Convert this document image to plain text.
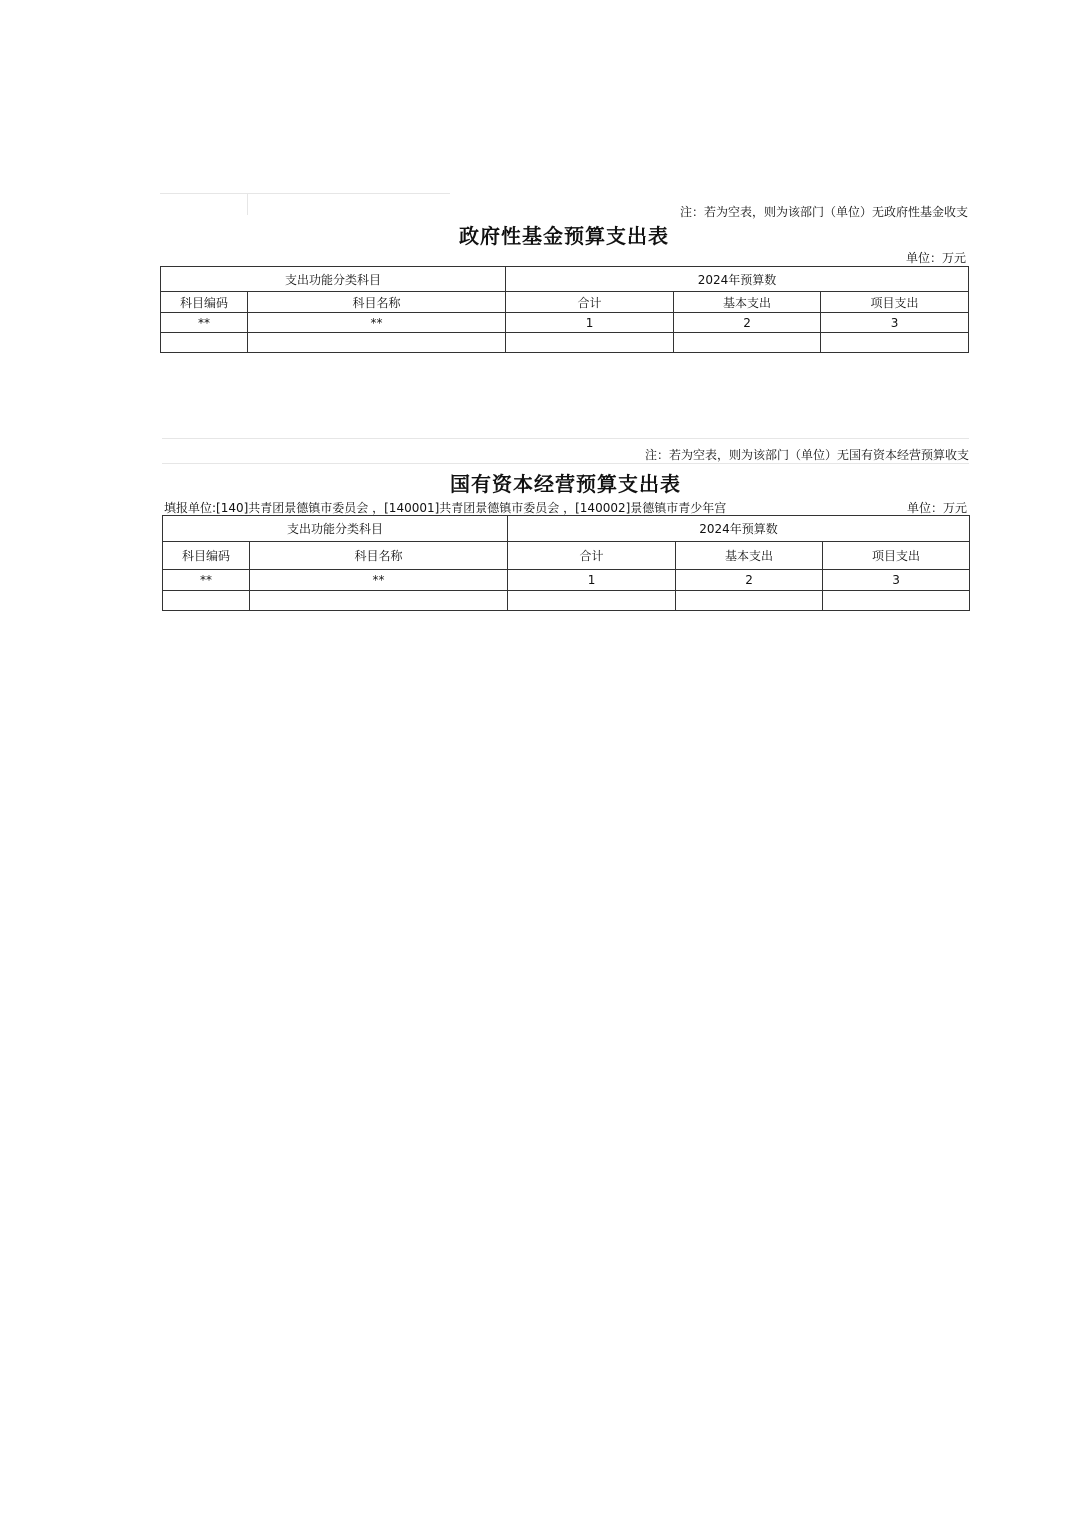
注：若为空表，则为该部门（单位）无政府性基金收支
政府性基金预算支出表
单位：万元
支出功能分类科目		2024年预算数		
科目编码	科目名称	合计	基本支出	项目支出
**	**	1	2	3

注：若为空表，则为该部门（单位）无国有资本经营预算收支
国有资本经营预算支出表
填报单位:[140]共青团景德镇市委员会 ，[140001]共青团景德镇市委员会 ，[140002]景德镇市青少年宫	单位：万元
支出功能分类科目		2024年预算数		
科目编码	科目名称	合计	基本支出	项目支出
**	**	1	2	3
